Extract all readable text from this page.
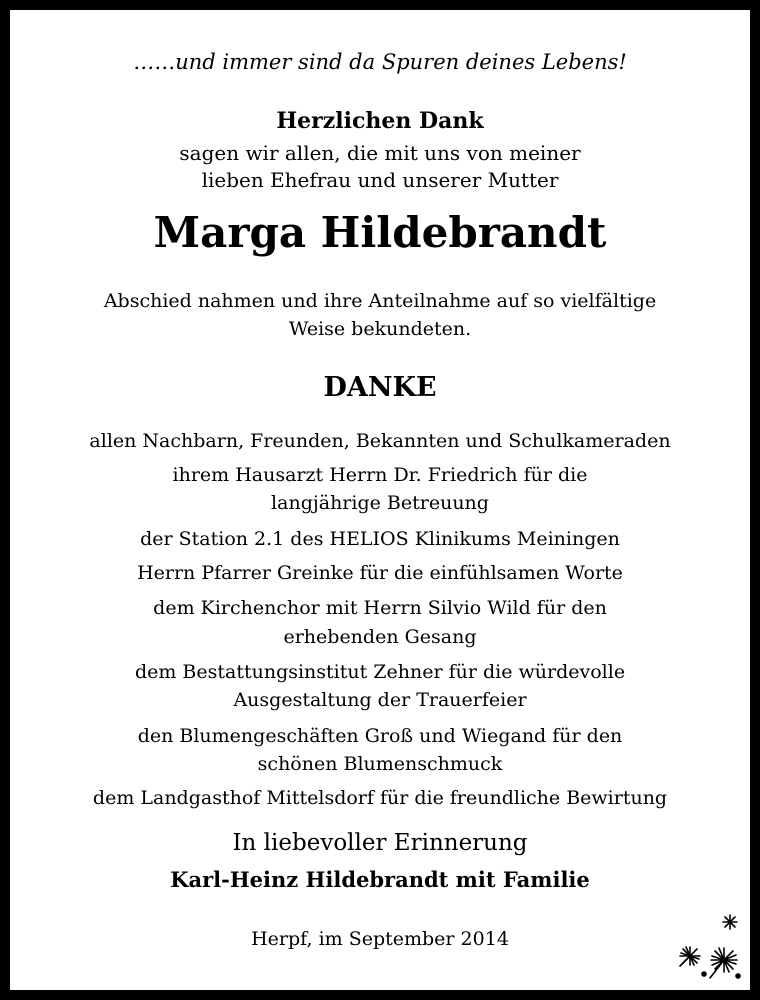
……und immer sind da Spuren deines Lebens!
Herzlichen Dank
sagen wir allen, die mit uns von meiner
lieben Ehefrau und unserer Mutter
Marga Hildebrandt
Abschied nahmen und ihre Anteilnahme auf so vielfältige
Weise bekundeten.
DANKE
allen Nachbarn, Freunden, Bekannten und Schulkameraden
ihrem Hausarzt Herrn Dr. Friedrich für die
langjährige Betreuung
der Station 2.1 des HELIOS Klinikums Meiningen
Herrn Pfarrer Greinke für die einfühlsamen Worte
dem Kirchenchor mit Herrn Silvio Wild für den
erhebenden Gesang
dem Bestattungsinstitut Zehner für die würdevolle
Ausgestaltung der Trauerfeier
den Blumengeschäften Groß und Wiegand für den
schönen Blumenschmuck
dem Landgasthof Mittelsdorf für die freundliche Bewirtung
In liebevoller Erinnerung
Karl-Heinz Hildebrandt mit Familie
Herpf, im September 2014
